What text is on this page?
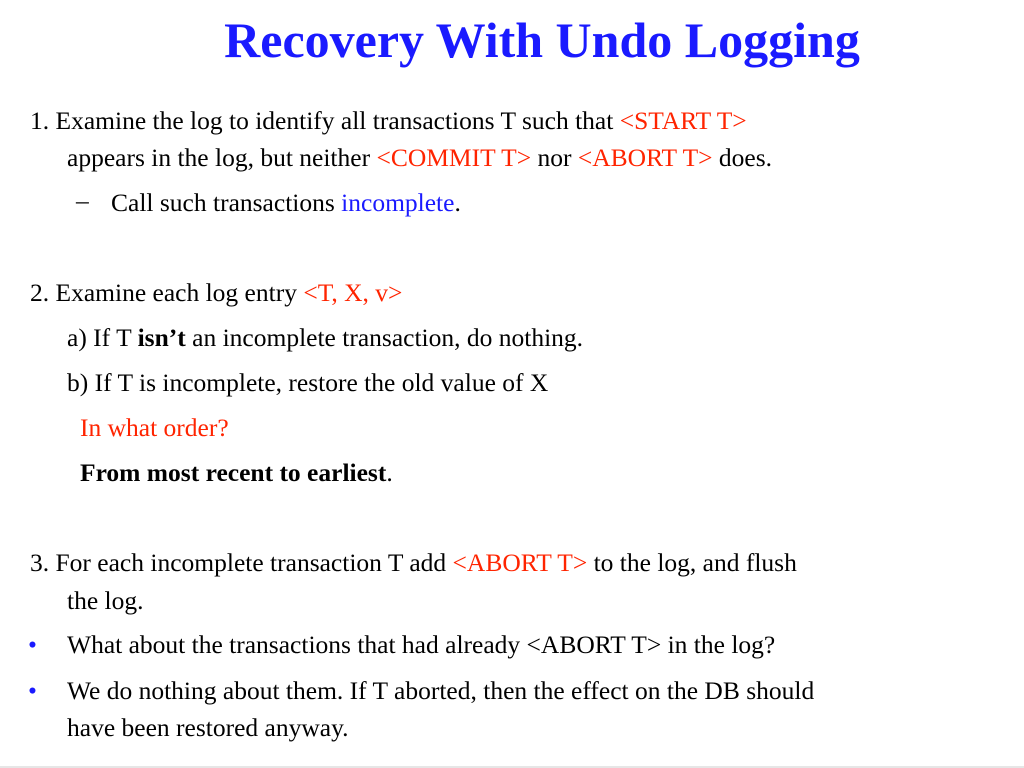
Recovery With Undo Logging
1. Examine the log to identify all transactions T such that <START T>
appears in the log, but neither <COMMIT T> nor <ABORT T> does.
– Call such transactions incomplete.
2. Examine each log entry <T, X, v>
a) If T isn’t an incomplete transaction, do nothing.
b) If T is incomplete, restore the old value of X
In what order?
From most recent to earliest.
3. For each incomplete transaction T add <ABORT T> to the log, and flush
the log.
• What about the transactions that had already <ABORT T> in the log?
• We do nothing about them. If T aborted, then the effect on the DB should
have been restored anyway.
